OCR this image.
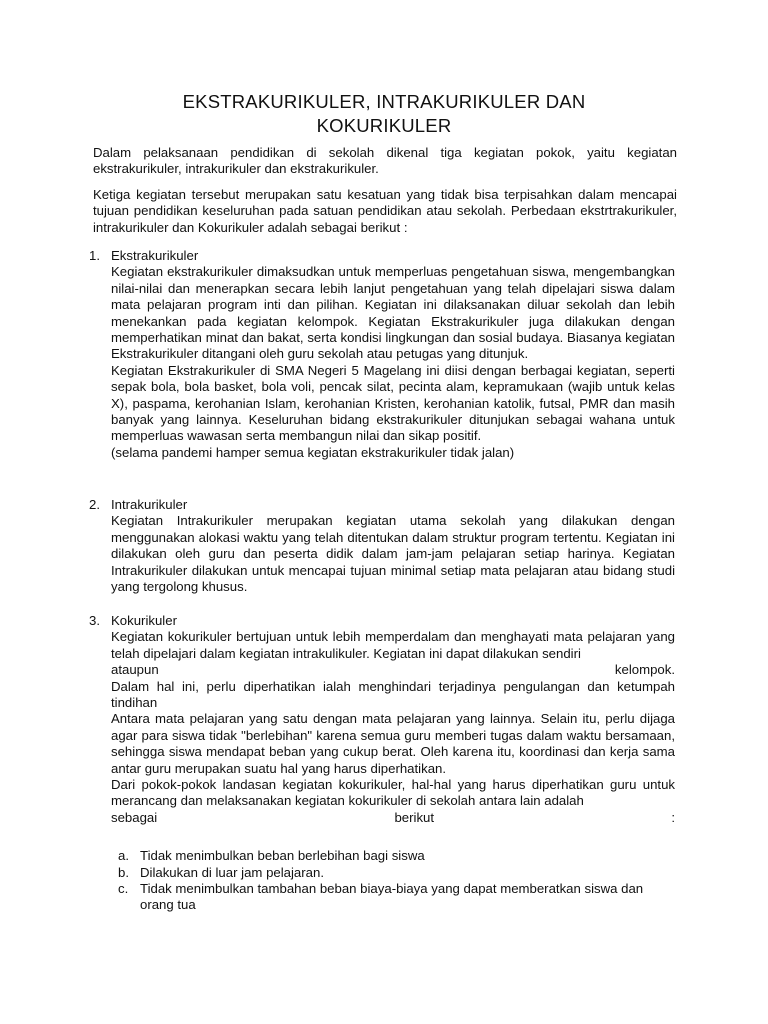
EKSTRAKURIKULER, INTRAKURIKULER DAN
KOKURIKULER
Dalam pelaksanaan pendidikan di sekolah dikenal tiga kegiatan pokok, yaitu kegiatan ekstrakurikuler, intrakurikuler dan ekstrakurikuler.
Ketiga kegiatan tersebut merupakan satu kesatuan yang tidak bisa terpisahkan dalam mencapai tujuan pendidikan keseluruhan pada satuan pendidikan atau sekolah. Perbedaan ekstrtrakurikuler, intrakurikuler dan Kokurikuler adalah sebagai berikut :
1. Ekstrakurikuler
Kegiatan ekstrakurikuler dimaksudkan untuk memperluas pengetahuan siswa, mengembangkan nilai-nilai dan menerapkan secara lebih lanjut pengetahuan yang telah dipelajari siswa dalam mata pelajaran program inti dan pilihan. Kegiatan ini dilaksanakan diluar sekolah dan lebih menekankan pada kegiatan kelompok. Kegiatan Ekstrakurikuler juga dilakukan dengan memperhatikan minat dan bakat, serta kondisi lingkungan dan sosial budaya. Biasanya kegiatan Ekstrakurikuler ditangani oleh guru sekolah atau petugas yang ditunjuk.
Kegiatan Ekstrakurikuler di SMA Negeri 5 Magelang ini diisi dengan berbagai kegiatan, seperti sepak bola, bola basket, bola voli, pencak silat, pecinta alam, kepramukaan (wajib untuk kelas X), paspama, kerohanian Islam, kerohanian Kristen, kerohanian katolik, futsal, PMR dan masih banyak yang lainnya. Keseluruhan bidang ekstrakurikuler ditunjukan sebagai wahana untuk memperluas wawasan serta membangun nilai dan sikap positif.
(selama pandemi hamper semua kegiatan ekstrakurikuler tidak jalan)
2. Intrakurikuler
Kegiatan Intrakurikuler merupakan kegiatan utama sekolah yang dilakukan dengan menggunakan alokasi waktu yang telah ditentukan dalam struktur program tertentu. Kegiatan ini dilakukan oleh guru dan peserta didik dalam jam-jam pelajaran setiap harinya. Kegiatan Intrakurikuler dilakukan untuk mencapai tujuan minimal setiap mata pelajaran atau bidang studi yang tergolong khusus.
3. Kokurikuler
Kegiatan kokurikuler bertujuan untuk lebih memperdalam dan menghayati mata pelajaran yang telah dipelajari dalam kegiatan intrakulikuler. Kegiatan ini dapat dilakukan sendiri
ataupun kelompok.
Dalam hal ini, perlu diperhatikan ialah menghindari terjadinya pengulangan dan ketumpah tindihan
Antara mata pelajaran yang satu dengan mata pelajaran yang lainnya. Selain itu, perlu dijaga agar para siswa tidak "berlebihan" karena semua guru memberi tugas dalam waktu bersamaan, sehingga siswa mendapat beban yang cukup berat. Oleh karena itu, koordinasi dan kerja sama antar guru merupakan suatu hal yang harus diperhatikan.
Dari pokok-pokok landasan kegiatan kokurikuler, hal-hal yang harus diperhatikan guru untuk merancang dan melaksanakan kegiatan kokurikuler di sekolah antara lain adalah
sebagai berikut :
a. Tidak menimbulkan beban berlebihan bagi siswa
b. Dilakukan di luar jam pelajaran.
c. Tidak menimbulkan tambahan beban biaya-biaya yang dapat memberatkan siswa dan orang tua
